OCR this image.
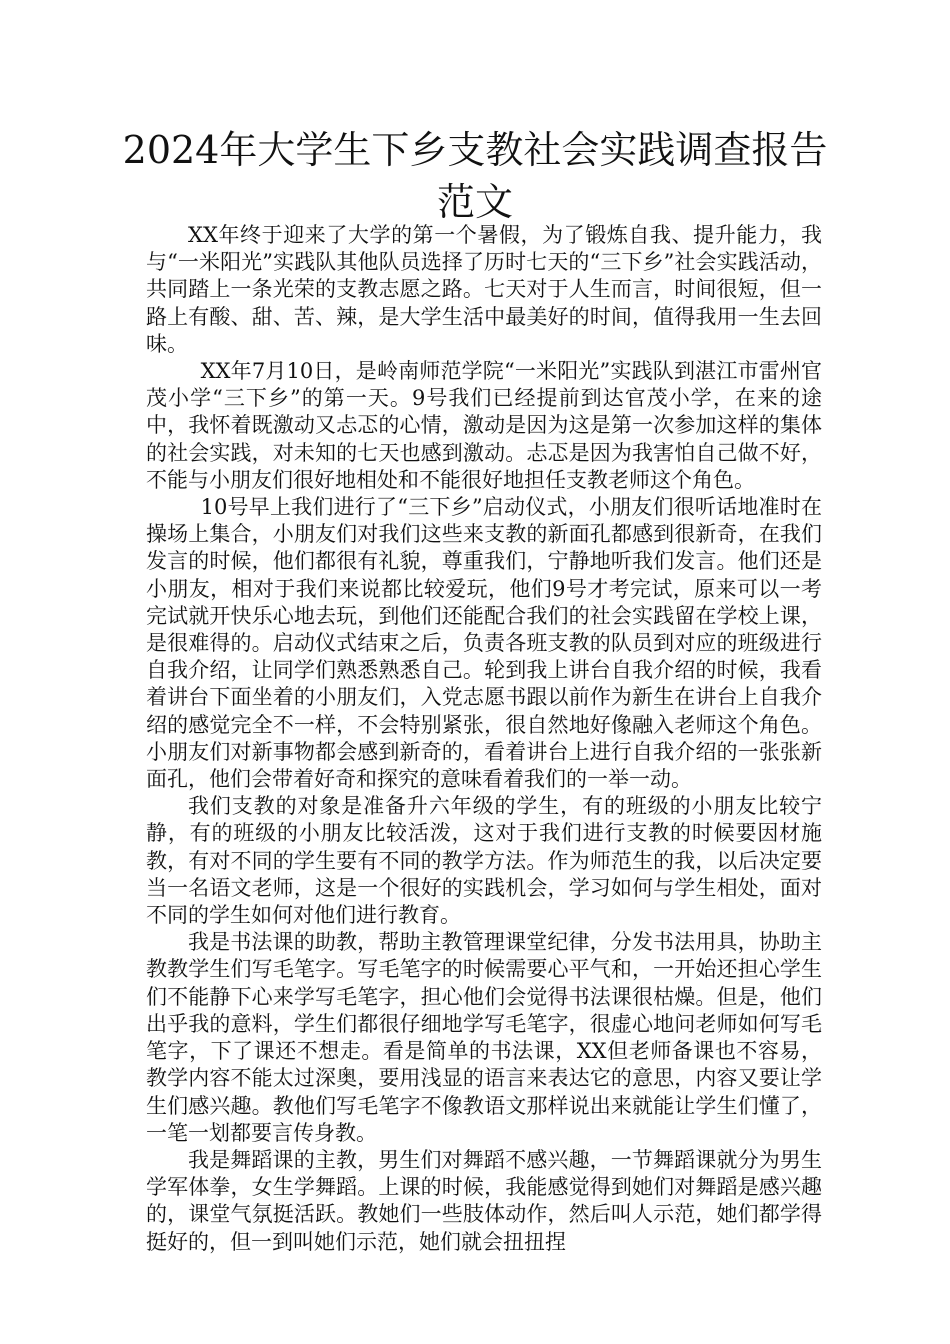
2024年大学生下乡支教社会实践调查报告范文

XX年终于迎来了大学的第一个暑假，为了锻炼自我、提升能力，我与“一米阳光”实践队其他队员选择了历时七天的“三下乡”社会实践活动，共同踏上一条光荣的支教志愿之路。七天对于人生而言，时间很短，但一路上有酸、甜、苦、辣，是大学生活中最美好的时间，值得我用一生去回味。

XX年7月10日，是岭南师范学院“一米阳光”实践队到湛江市雷州官茂小学“三下乡”的第一天。9号我们已经提前到达官茂小学，在来的途中，我怀着既激动又忐忑的心情，激动是因为这是第一次参加这样的集体的社会实践，对未知的七天也感到激动。忐忑是因为我害怕自己做不好，不能与小朋友们很好地相处和不能很好地担任支教老师这个角色。

10号早上我们进行了“三下乡”启动仪式，小朋友们很听话地准时在操场上集合，小朋友们对我们这些来支教的新面孔都感到很新奇，在我们发言的时候，他们都很有礼貌，尊重我们，宁静地听我们发言。他们还是小朋友，相对于我们来说都比较爱玩，他们9号才考完试，原来可以一考完试就开快乐心地去玩，到他们还能配合我们的社会实践留在学校上课，是很难得的。启动仪式结束之后，负责各班支教的队员到对应的班级进行自我介绍，让同学们熟悉熟悉自己。轮到我上讲台自我介绍的时候，我看着讲台下面坐着的小朋友们，入党志愿书跟以前作为新生在讲台上自我介绍的感觉完全不一样，不会特别紧张，很自然地好像融入老师这个角色。小朋友们对新事物都会感到新奇的，看着讲台上进行自我介绍的一张张新面孔，他们会带着好奇和探究的意味看着我们的一举一动。

我们支教的对象是准备升六年级的学生，有的班级的小朋友比较宁静，有的班级的小朋友比较活泼，这对于我们进行支教的时候要因材施教，有对不同的学生要有不同的教学方法。作为师范生的我，以后决定要当一名语文老师，这是一个很好的实践机会，学习如何与学生相处，面对不同的学生如何对他们进行教育。

我是书法课的助教，帮助主教管理课堂纪律，分发书法用具，协助主教教学生们写毛笔字。写毛笔字的时候需要心平气和，一开始还担心学生们不能静下心来学写毛笔字，担心他们会觉得书法课很枯燥。但是，他们出乎我的意料，学生们都很仔细地学写毛笔字，很虚心地问老师如何写毛笔字，下了课还不想走。看是简单的书法课，XX但老师备课也不容易，教学内容不能太过深奥，要用浅显的语言来表达它的意思，内容又要让学生们感兴趣。教他们写毛笔字不像教语文那样说出来就能让学生们懂了，一笔一划都要言传身教。

我是舞蹈课的主教，男生们对舞蹈不感兴趣，一节舞蹈课就分为男生学军体拳，女生学舞蹈。上课的时候，我能感觉得到她们对舞蹈是感兴趣的，课堂气氛挺活跃。教她们一些肢体动作，然后叫人示范，她们都学得挺好的，但一到叫她们示范，她们就会扭扭捏
